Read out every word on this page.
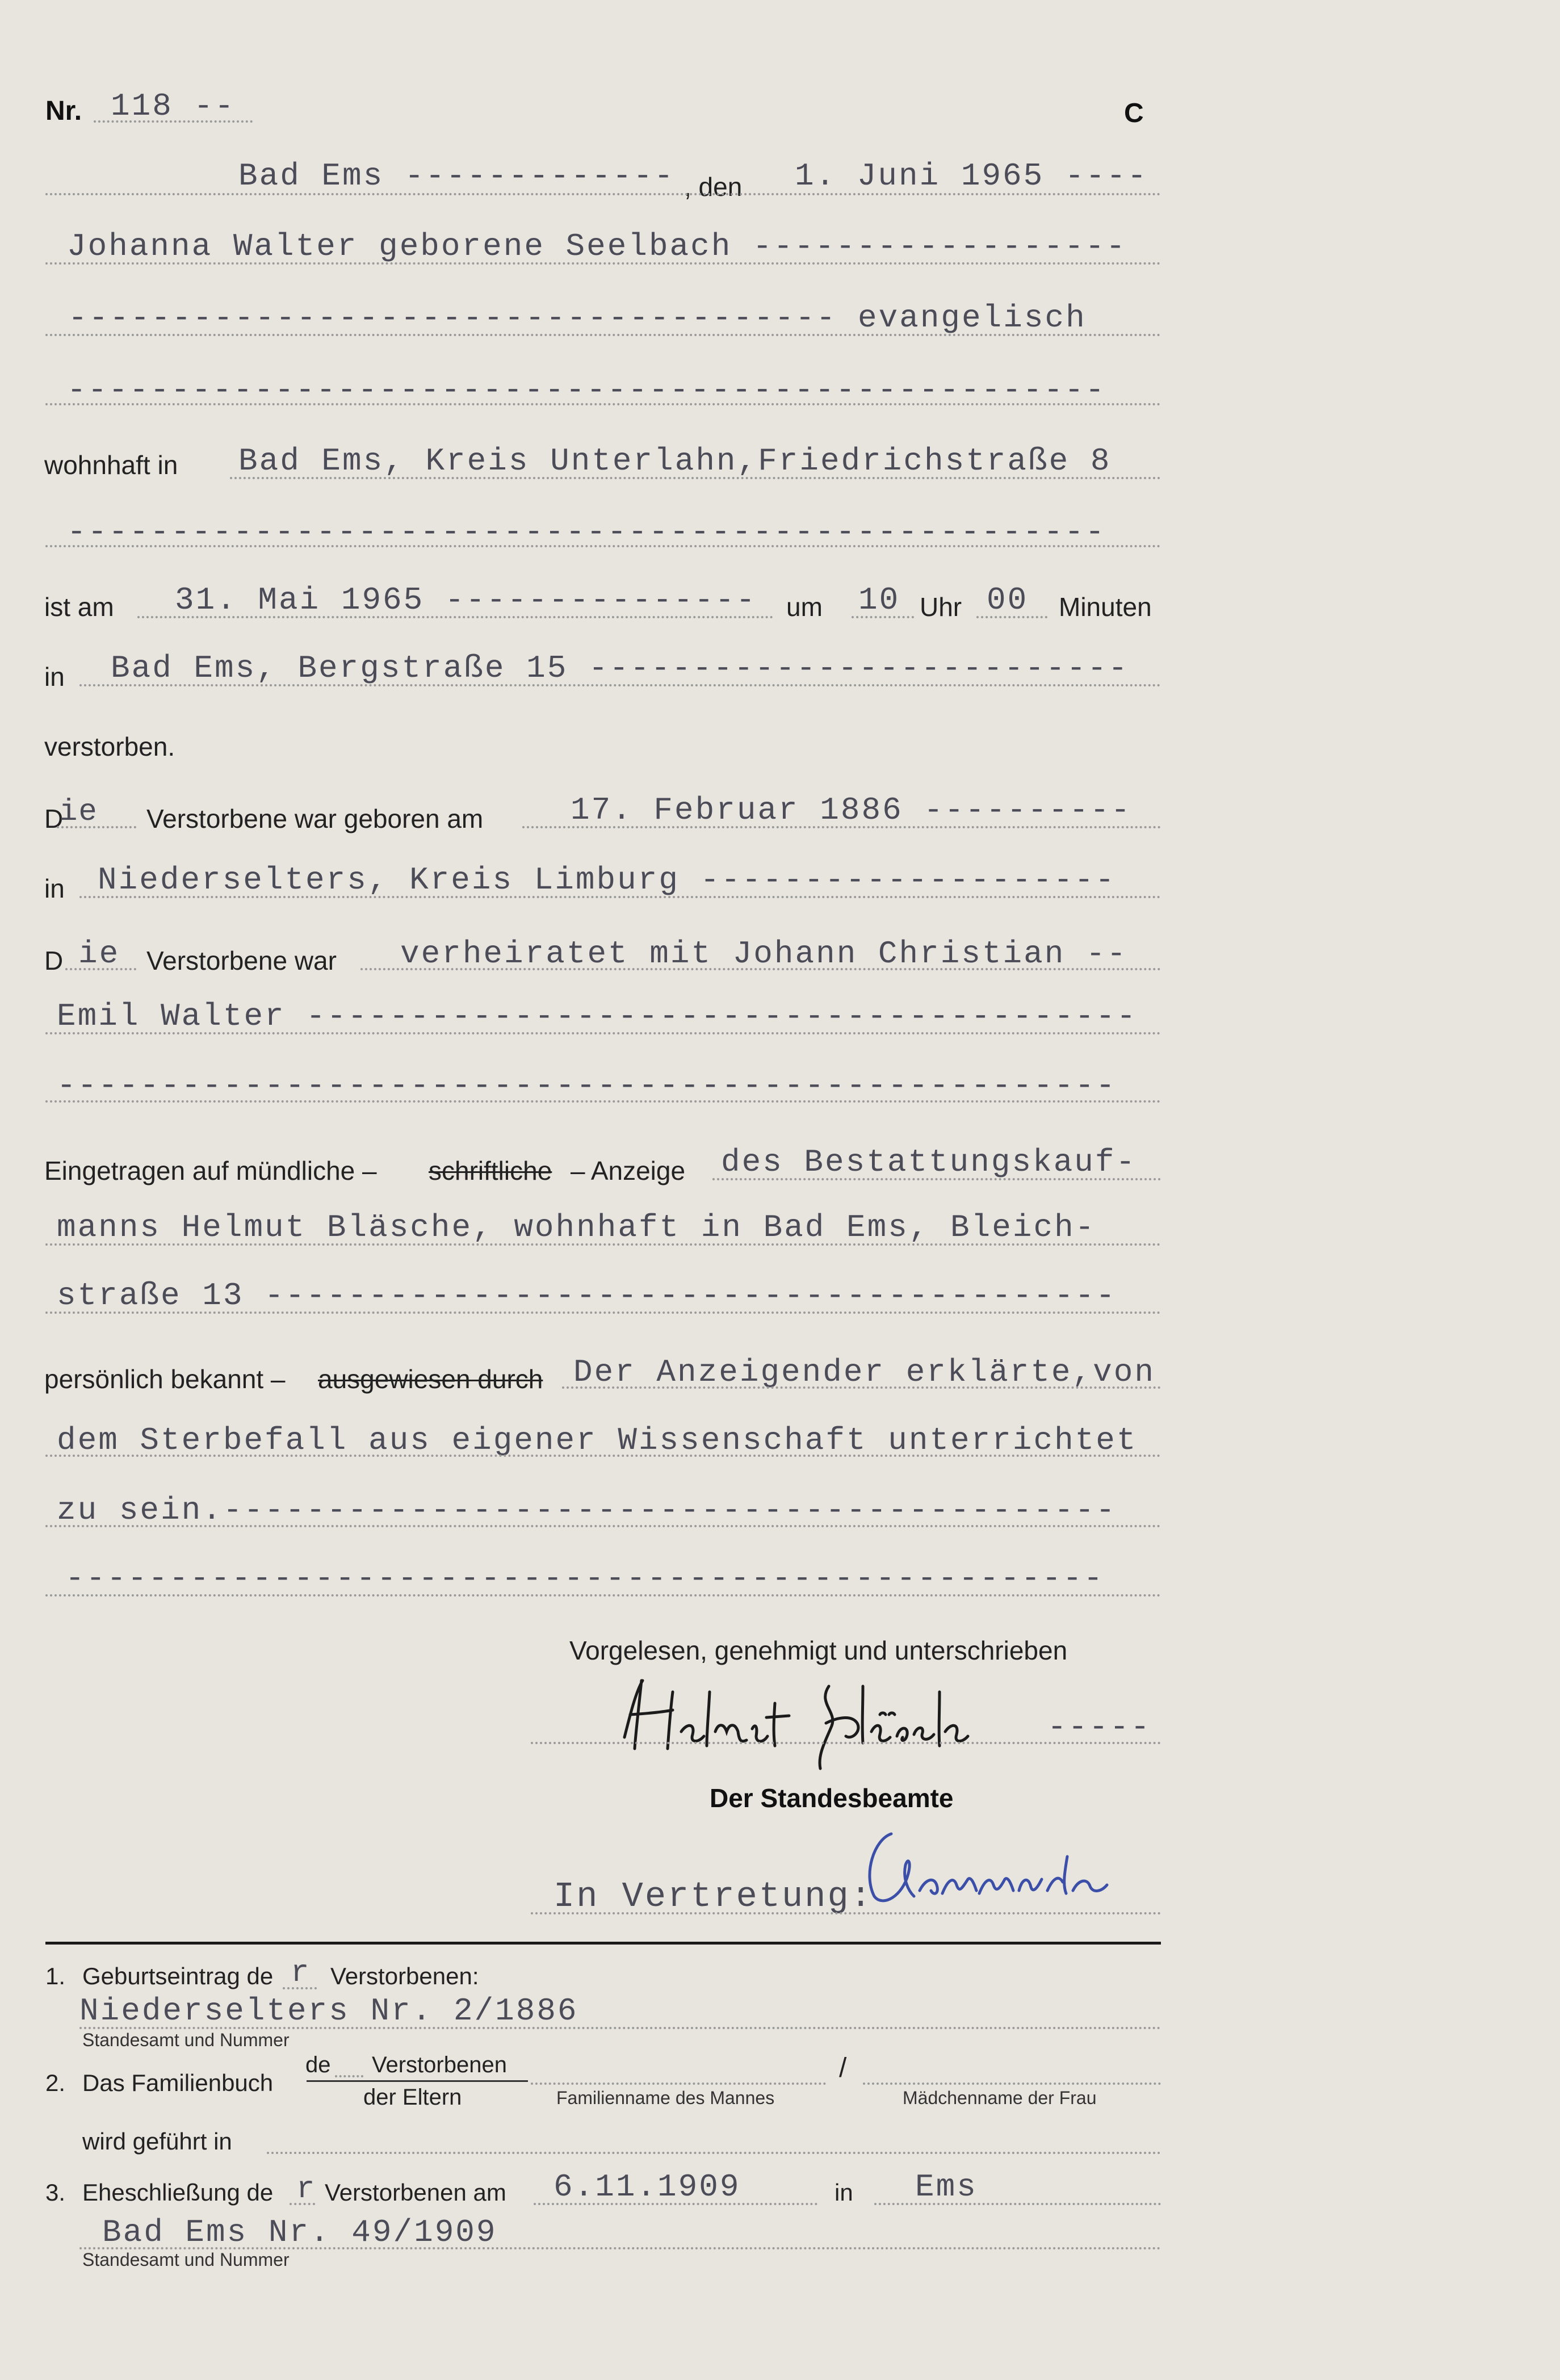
Nr. 118 --	C
Bad Ems ------------- , den 1. Juni 1965 ----
Johanna Walter geborene Seelbach ------------------
------------------------------------- evangelisch
--------------------------------------------------
wohnhaft in Bad Ems, Kreis Unterlahn,Friedrichstraße 8
--------------------------------------------------
ist am 31. Mai 1965 --------------- um 10 Uhr 00 Minuten
in Bad Ems, Bergstraße 15 --------------------------
verstorben.
D
ie Verstorbene war geboren am	17. Februar 1886 ----------
in Niederselters, Kreis Limburg --------------------
D ie Verstorbene war verheiratet mit Johann Christian --
Emil Walter ----------------------------------------
---------------------------------------------------
Eingetragen auf mündliche – schriftliche – Anzeige des Bestattungskauf-
manns Helmut Bläsche, wohnhaft in Bad Ems, Bleich-
straße 13 -----------------------------------------
persönlich bekannt – ausgewiesen durch Der Anzeigender erklärte,von
dem Sterbefall aus eigener Wissenschaft unterrichtet
zu sein.-------------------------------------------
--------------------------------------------------
Vorgelesen, genehmigt und unterschrieben
-----
Der Standesbeamte
In Vertretung:
1. Geburtseintrag de r Verstorbenen:
Niederselters Nr. 2/1886
Standesamt und Nummer
2. Das Familienbuch
de Verstorbenen
der Eltern
/
Familienname des Mannes	Mädchenname der Frau
wird geführt in
3. Eheschließung de r Verstorbenen am 6.11.1909	in Ems
Bad Ems Nr. 49/1909
Standesamt und Nummer
